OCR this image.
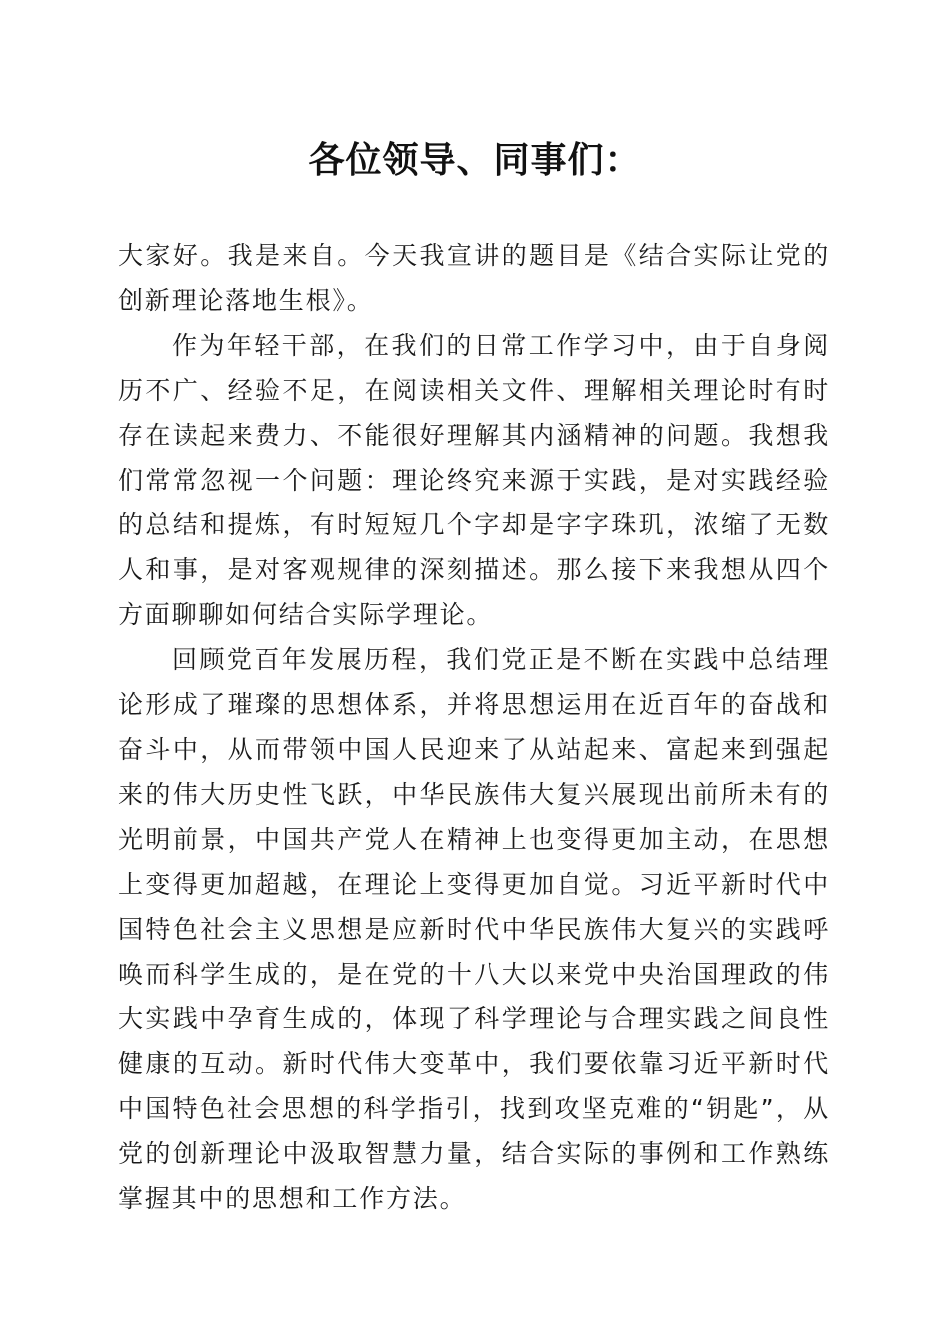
各位领导、同事们：

大家好。我是来自。今天我宣讲的题目是《结合实际让党的创新理论落地生根》。

作为年轻干部，在我们的日常工作学习中，由于自身阅历不广、经验不足，在阅读相关文件、理解相关理论时有时存在读起来费力、不能很好理解其内涵精神的问题。我想我们常常忽视一个问题：理论终究来源于实践，是对实践经验的总结和提炼，有时短短几个字却是字字珠玑，浓缩了无数人和事，是对客观规律的深刻描述。那么接下来我想从四个方面聊聊如何结合实际学理论。

回顾党百年发展历程，我们党正是不断在实践中总结理论形成了璀璨的思想体系，并将思想运用在近百年的奋战和奋斗中，从而带领中国人民迎来了从站起来、富起来到强起来的伟大历史性飞跃，中华民族伟大复兴展现出前所未有的光明前景，中国共产党人在精神上也变得更加主动，在思想上变得更加超越，在理论上变得更加自觉。习近平新时代中国特色社会主义思想是应新时代中华民族伟大复兴的实践呼唤而科学生成的，是在党的十八大以来党中央治国理政的伟大实践中孕育生成的，体现了科学理论与合理实践之间良性健康的互动。新时代伟大变革中，我们要依靠习近平新时代中国特色社会思想的科学指引，找到攻坚克难的“钥匙”，从党的创新理论中汲取智慧力量，结合实际的事例和工作熟练掌握其中的思想和工作方法。
